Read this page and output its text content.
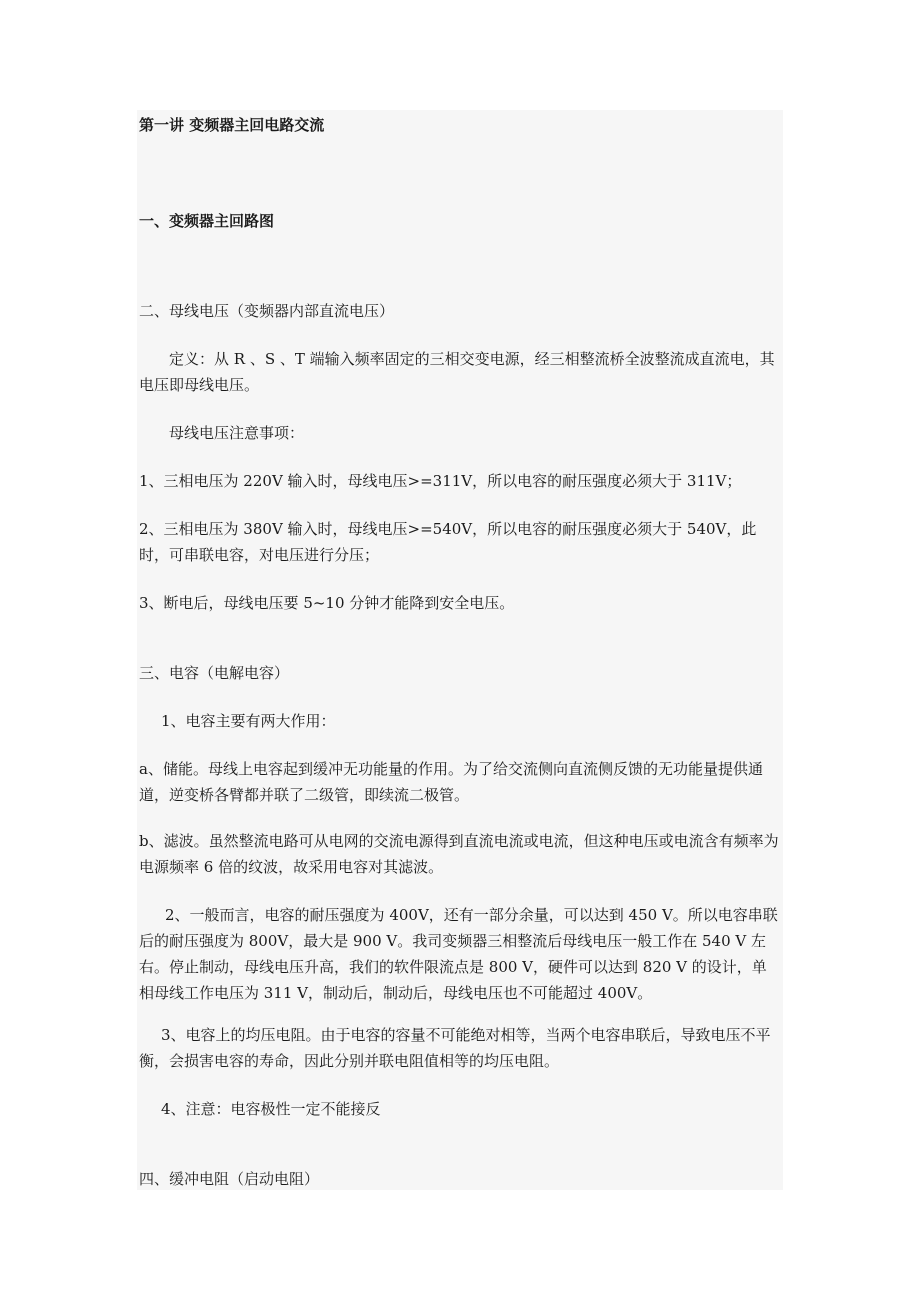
第一讲 变频器主回电路交流
一、变频器主回路图
二、母线电压（变频器内部直流电压）
定义：从 R 、S 、T 端输入频率固定的三相交变电源，经三相整流桥全波整流成直流电，其电压即母线电压。
母线电压注意事项：
1、三相电压为 220V 输入时，母线电压>=311V，所以电容的耐压强度必须大于 311V；
2、三相电压为 380V 输入时，母线电压>=540V，所以电容的耐压强度必须大于 540V，此时，可串联电容，对电压进行分压；
3、断电后，母线电压要 5~10 分钟才能降到安全电压。
三、电容（电解电容）
1、电容主要有两大作用：
a、储能。母线上电容起到缓冲无功能量的作用。为了给交流侧向直流侧反馈的无功能量提供通道，逆变桥各臂都并联了二级管，即续流二极管。
b、滤波。虽然整流电路可从电网的交流电源得到直流电流或电流，但这种电压或电流含有频率为电源频率 6 倍的纹波，故采用电容对其滤波。
2、一般而言，电容的耐压强度为 400V，还有一部分余量，可以达到 450 V。所以电容串联后的耐压强度为 800V，最大是 900 V。我司变频器三相整流后母线电压一般工作在 540 V 左右。停止制动，母线电压升高，我们的软件限流点是 800 V，硬件可以达到 820 V 的设计，单相母线工作电压为 311 V，制动后，制动后，母线电压也不可能超过 400V。
3、电容上的均压电阻。由于电容的容量不可能绝对相等，当两个电容串联后，导致电压不平衡，会损害电容的寿命，因此分别并联电阻值相等的均压电阻。
4、注意：电容极性一定不能接反
四、缓冲电阻（启动电阻）
